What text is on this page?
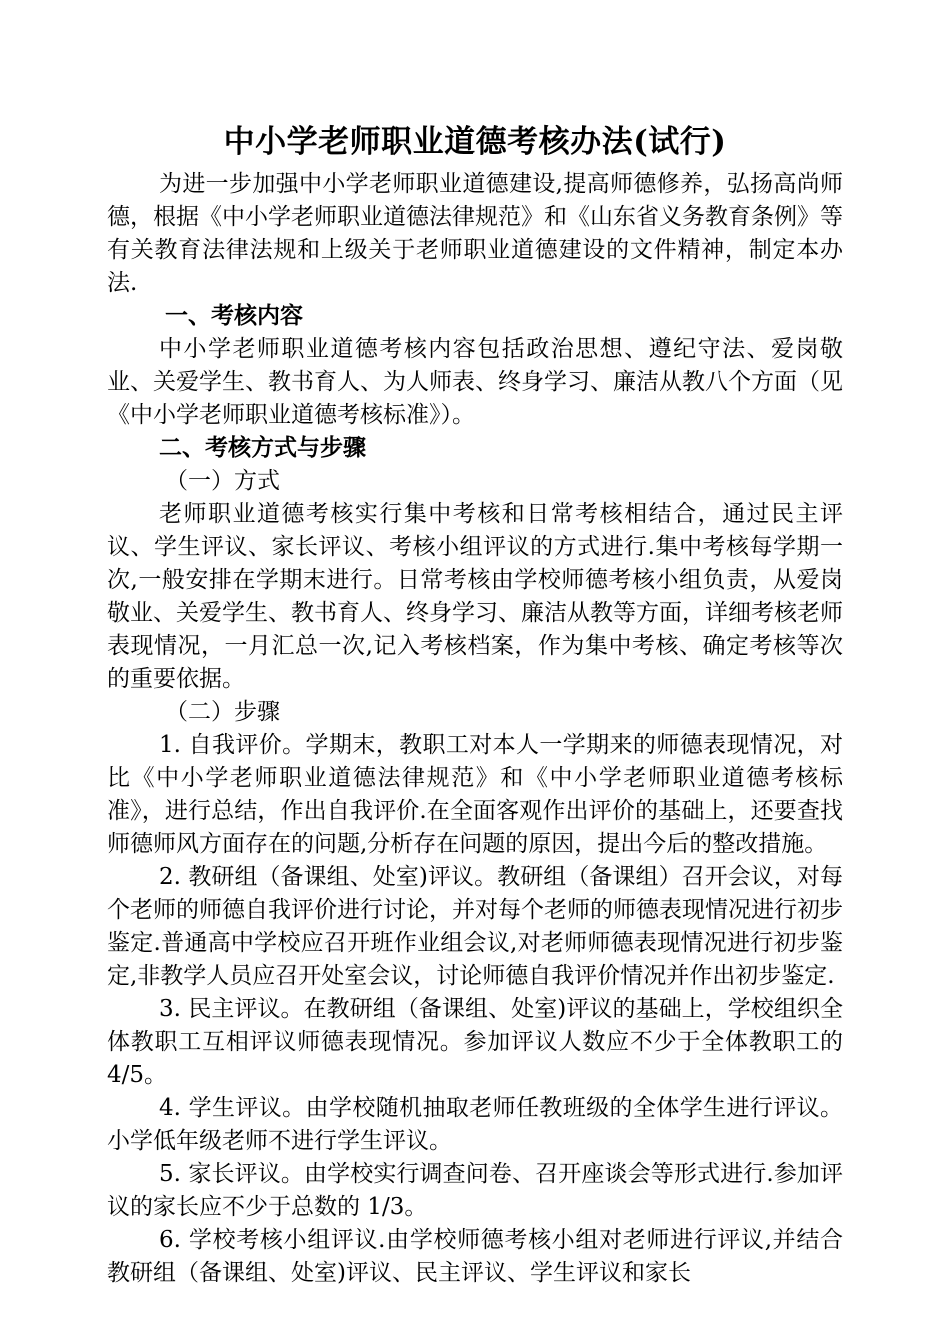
中小学老师职业道德考核办法(试行)

为进一步加强中小学老师职业道德建设,提高师德修养，弘扬高尚师德，根据《中小学老师职业道德法律规范》和《山东省义务教育条例》等有关教育法律法规和上级关于老师职业道德建设的文件精神，制定本办法.

一、考核内容

中小学老师职业道德考核内容包括政治思想、遵纪守法、爱岗敬业、关爱学生、教书育人、为人师表、终身学习、廉洁从教八个方面（见《中小学老师职业道德考核标准》）。

二、考核方式与步骤

（一）方式

老师职业道德考核实行集中考核和日常考核相结合，通过民主评议、学生评议、家长评议、考核小组评议的方式进行.集中考核每学期一次,一般安排在学期末进行。日常考核由学校师德考核小组负责，从爱岗敬业、关爱学生、教书育人、终身学习、廉洁从教等方面，详细考核老师表现情况，一月汇总一次,记入考核档案，作为集中考核、确定考核等次的重要依据。

（二）步骤

1. 自我评价。学期末，教职工对本人一学期来的师德表现情况，对比《中小学老师职业道德法律规范》和《中小学老师职业道德考核标准》，进行总结，作出自我评价.在全面客观作出评价的基础上，还要查找师德师风方面存在的问题,分析存在问题的原因，提出今后的整改措施。

2. 教研组（备课组、处室)评议。教研组（备课组）召开会议，对每个老师的师德自我评价进行讨论，并对每个老师的师德表现情况进行初步鉴定.普通高中学校应召开班作业组会议,对老师师德表现情况进行初步鉴定,非教学人员应召开处室会议，讨论师德自我评价情况并作出初步鉴定.

3. 民主评议。在教研组（备课组、处室)评议的基础上，学校组织全体教职工互相评议师德表现情况。参加评议人数应不少于全体教职工的 4/5。

4. 学生评议。由学校随机抽取老师任教班级的全体学生进行评议。小学低年级老师不进行学生评议。

5. 家长评议。由学校实行调查问卷、召开座谈会等形式进行.参加评议的家长应不少于总数的 1/3。

6. 学校考核小组评议.由学校师德考核小组对老师进行评议,并结合教研组（备课组、处室)评议、民主评议、学生评议和家长
